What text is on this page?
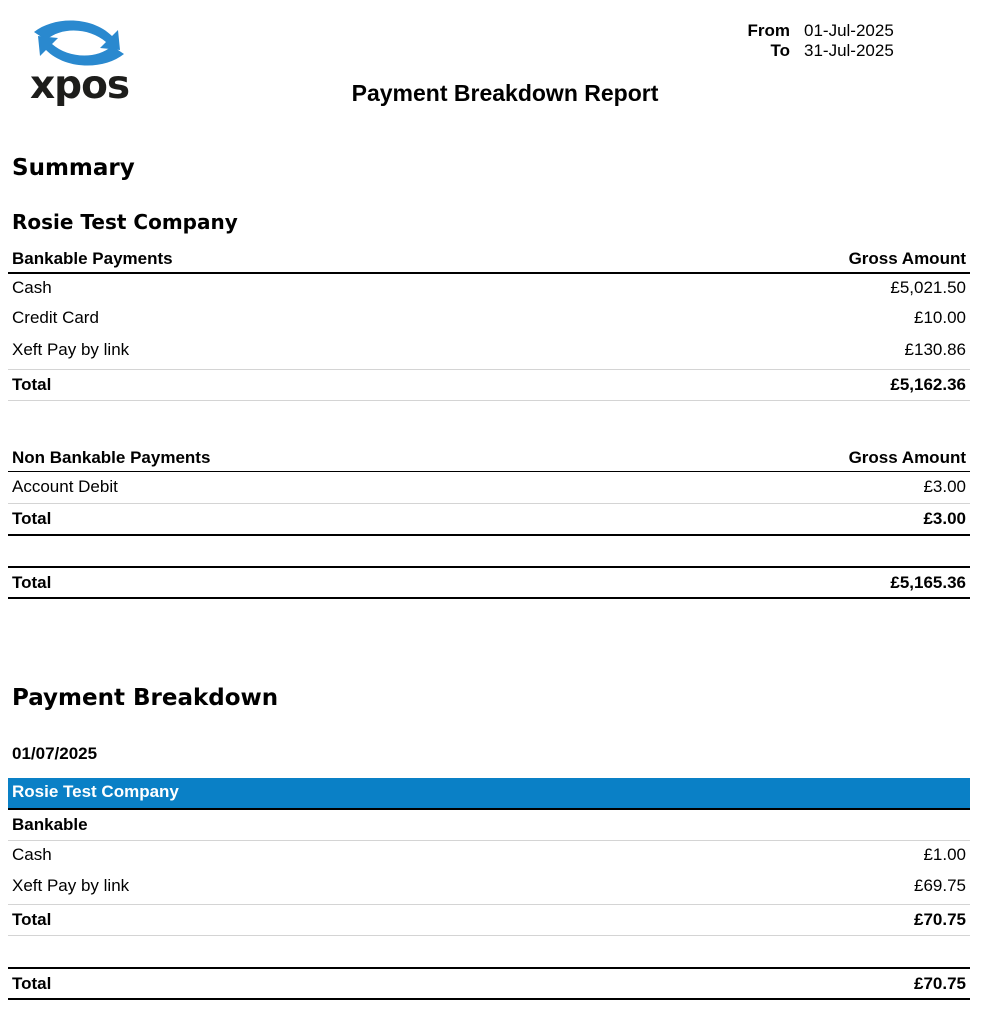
xpos
From 01-Jul-2025
To 31-Jul-2025
Payment Breakdown Report
Summary
Rosie Test Company
Bankable Payments	Gross Amount
Cash	£5,021.50
Credit Card	£10.00
Xeft Pay by link	£130.86
Total	£5,162.36
Non Bankable Payments	Gross Amount
Account Debit	£3.00
Total	£3.00
Total	£5,165.36
Payment Breakdown
01/07/2025
Rosie Test Company
Bankable
Cash	£1.00
Xeft Pay by link	£69.75
Total	£70.75
Total	£70.75
